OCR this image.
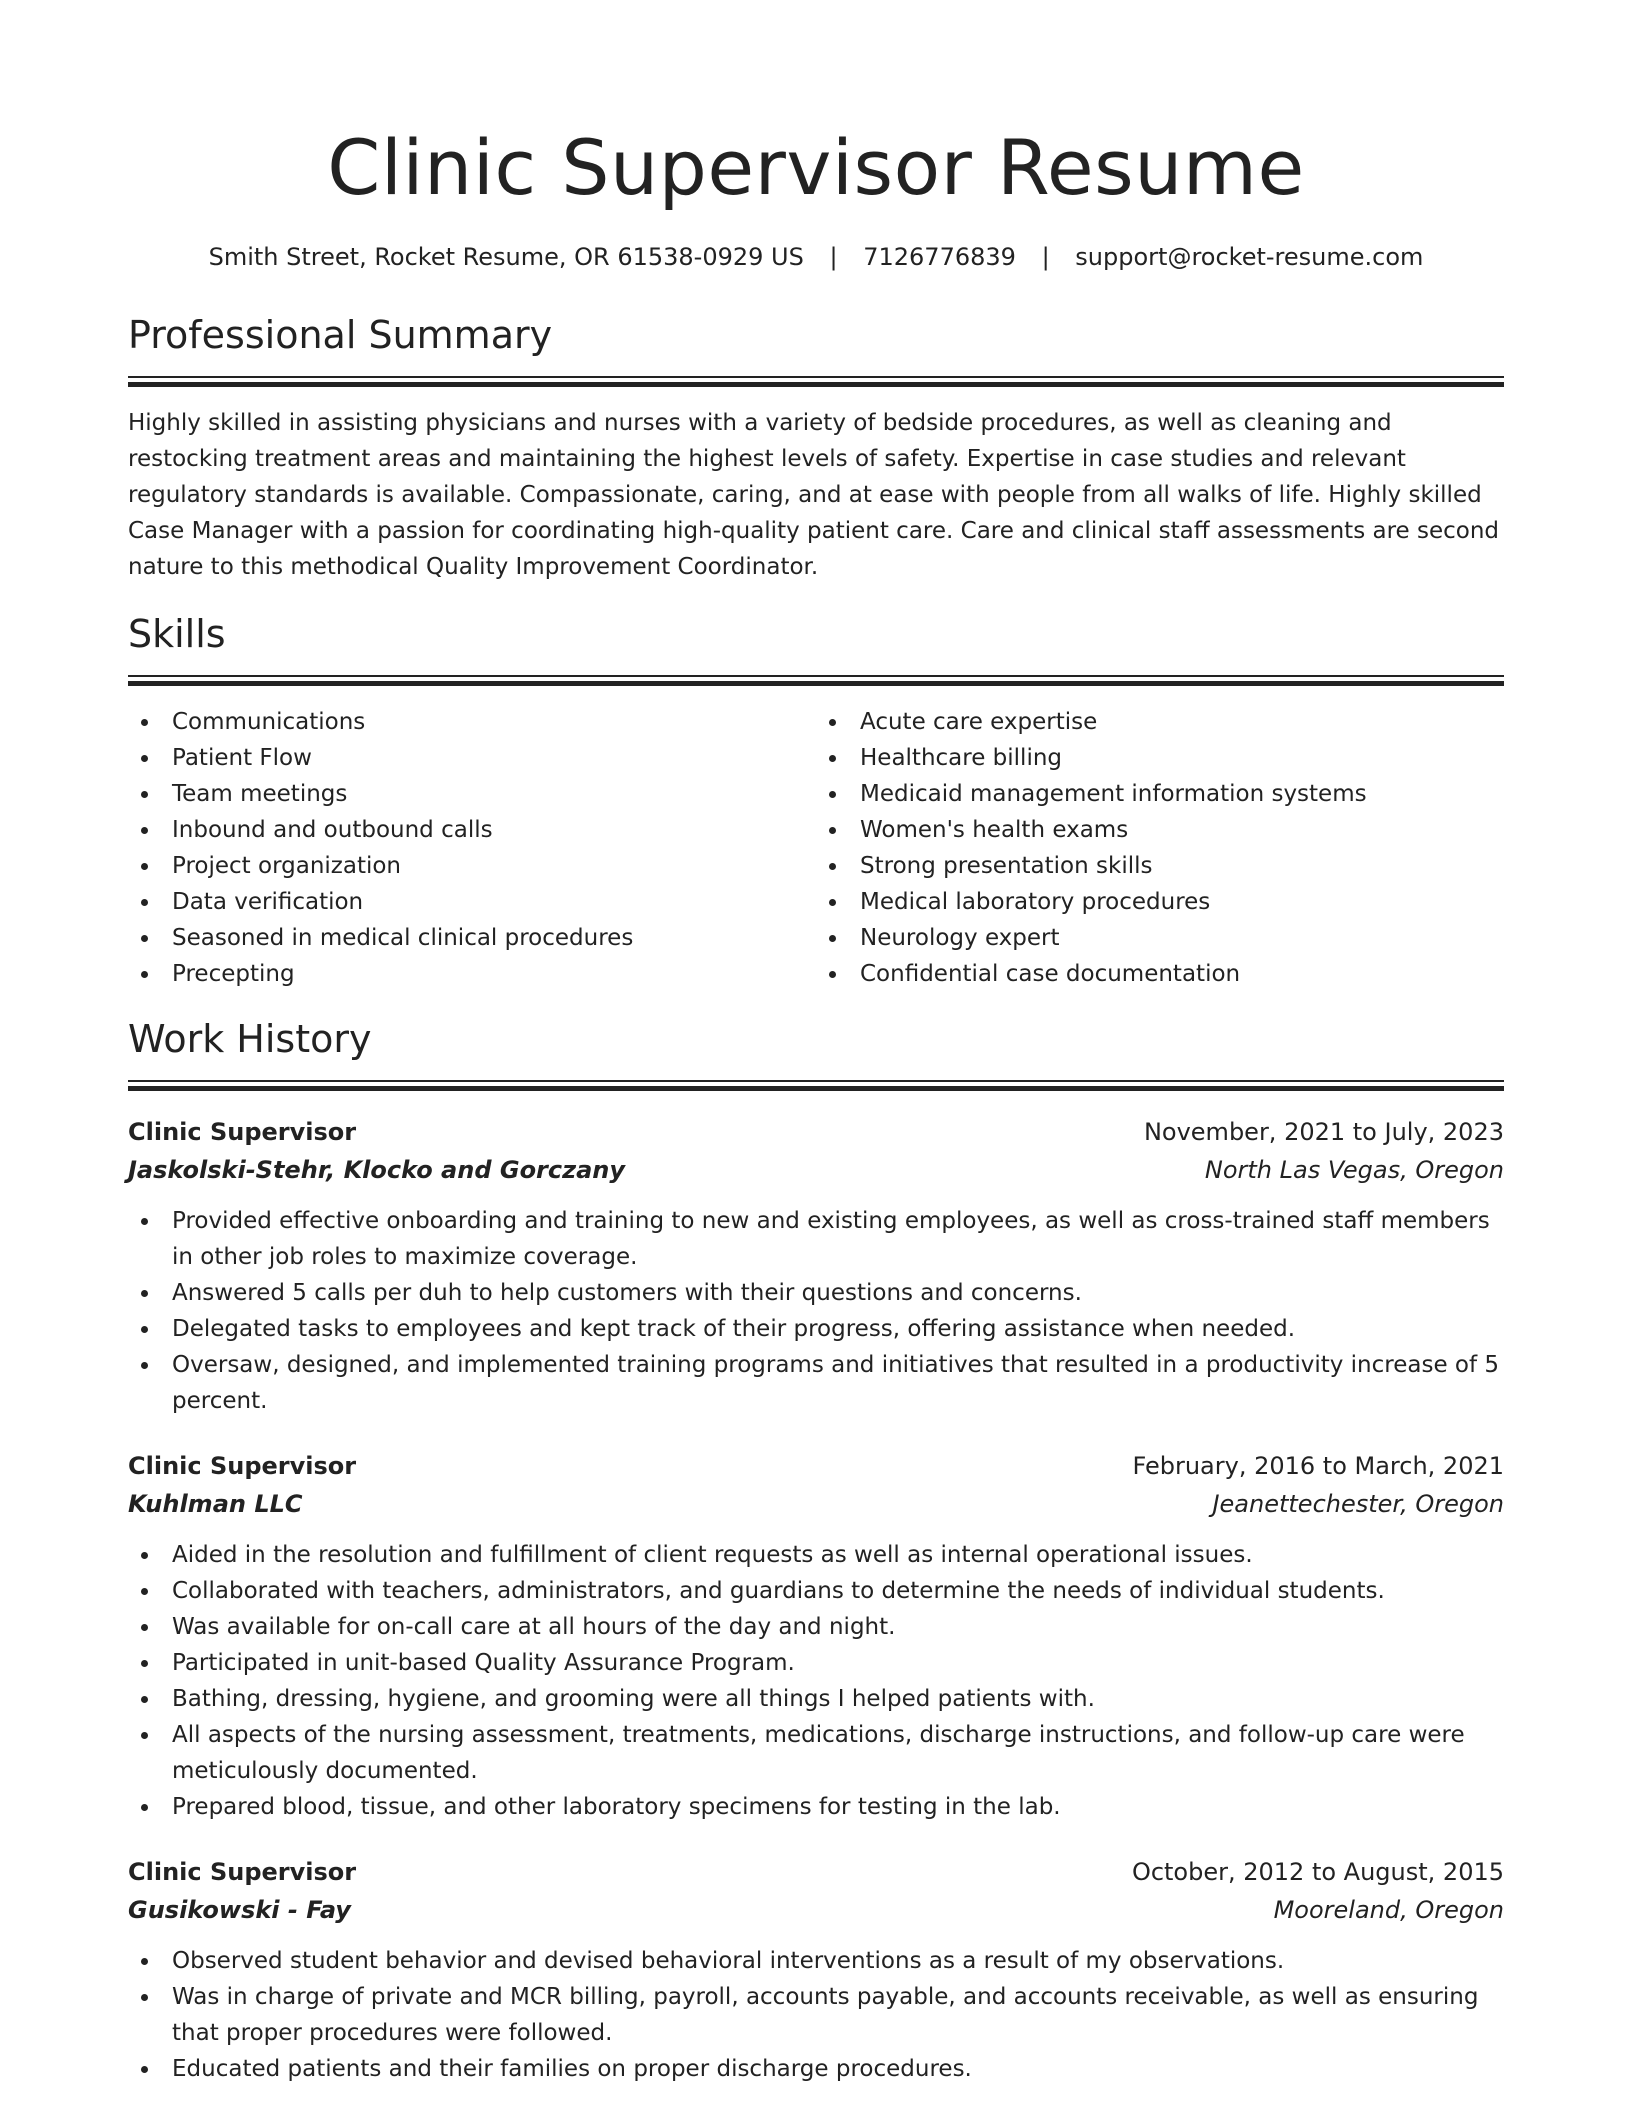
Clinic Supervisor Resume
Smith Street, Rocket Resume, OR 61538-0929 US | 7126776839 | support@rocket-resume.com
Professional Summary

Highly skilled in assisting physicians and nurses with a variety of bedside procedures, as well as cleaning and restocking treatment areas and maintaining the highest levels of safety. Expertise in case studies and relevant regulatory standards is available. Compassionate, caring, and at ease with people from all walks of life. Highly skilled Case Manager with a passion for coordinating high-quality patient care. Care and clinical staff assessments are second nature to this methodical Quality Improvement Coordinator.

Skills
Communications
Patient Flow
Team meetings
Inbound and outbound calls
Project organization
Data verification
Seasoned in medical clinical procedures
Precepting
Acute care expertise
Healthcare billing
Medicaid management information systems
Women's health exams
Strong presentation skills
Medical laboratory procedures
Neurology expert
Confidential case documentation
Work History
Clinic Supervisor	November, 2021 to July, 2023
Jaskolski-Stehr, Klocko and Gorczany	North Las Vegas, Oregon
Provided effective onboarding and training to new and existing employees, as well as cross-trained staff members in other job roles to maximize coverage.
Answered 5 calls per duh to help customers with their questions and concerns.
Delegated tasks to employees and kept track of their progress, offering assistance when needed.
Oversaw, designed, and implemented training programs and initiatives that resulted in a productivity increase of 5 percent.
Clinic Supervisor	February, 2016 to March, 2021
Kuhlman LLC	Jeanettechester, Oregon
Aided in the resolution and fulfillment of client requests as well as internal operational issues.
Collaborated with teachers, administrators, and guardians to determine the needs of individual students.
Was available for on-call care at all hours of the day and night.
Participated in unit-based Quality Assurance Program.
Bathing, dressing, hygiene, and grooming were all things I helped patients with.
All aspects of the nursing assessment, treatments, medications, discharge instructions, and follow-up care were meticulously documented.
Prepared blood, tissue, and other laboratory specimens for testing in the lab.
Clinic Supervisor	October, 2012 to August, 2015
Gusikowski - Fay	Mooreland, Oregon
Observed student behavior and devised behavioral interventions as a result of my observations.
Was in charge of private and MCR billing, payroll, accounts payable, and accounts receivable, as well as ensuring that proper procedures were followed.
Educated patients and their families on proper discharge procedures.
